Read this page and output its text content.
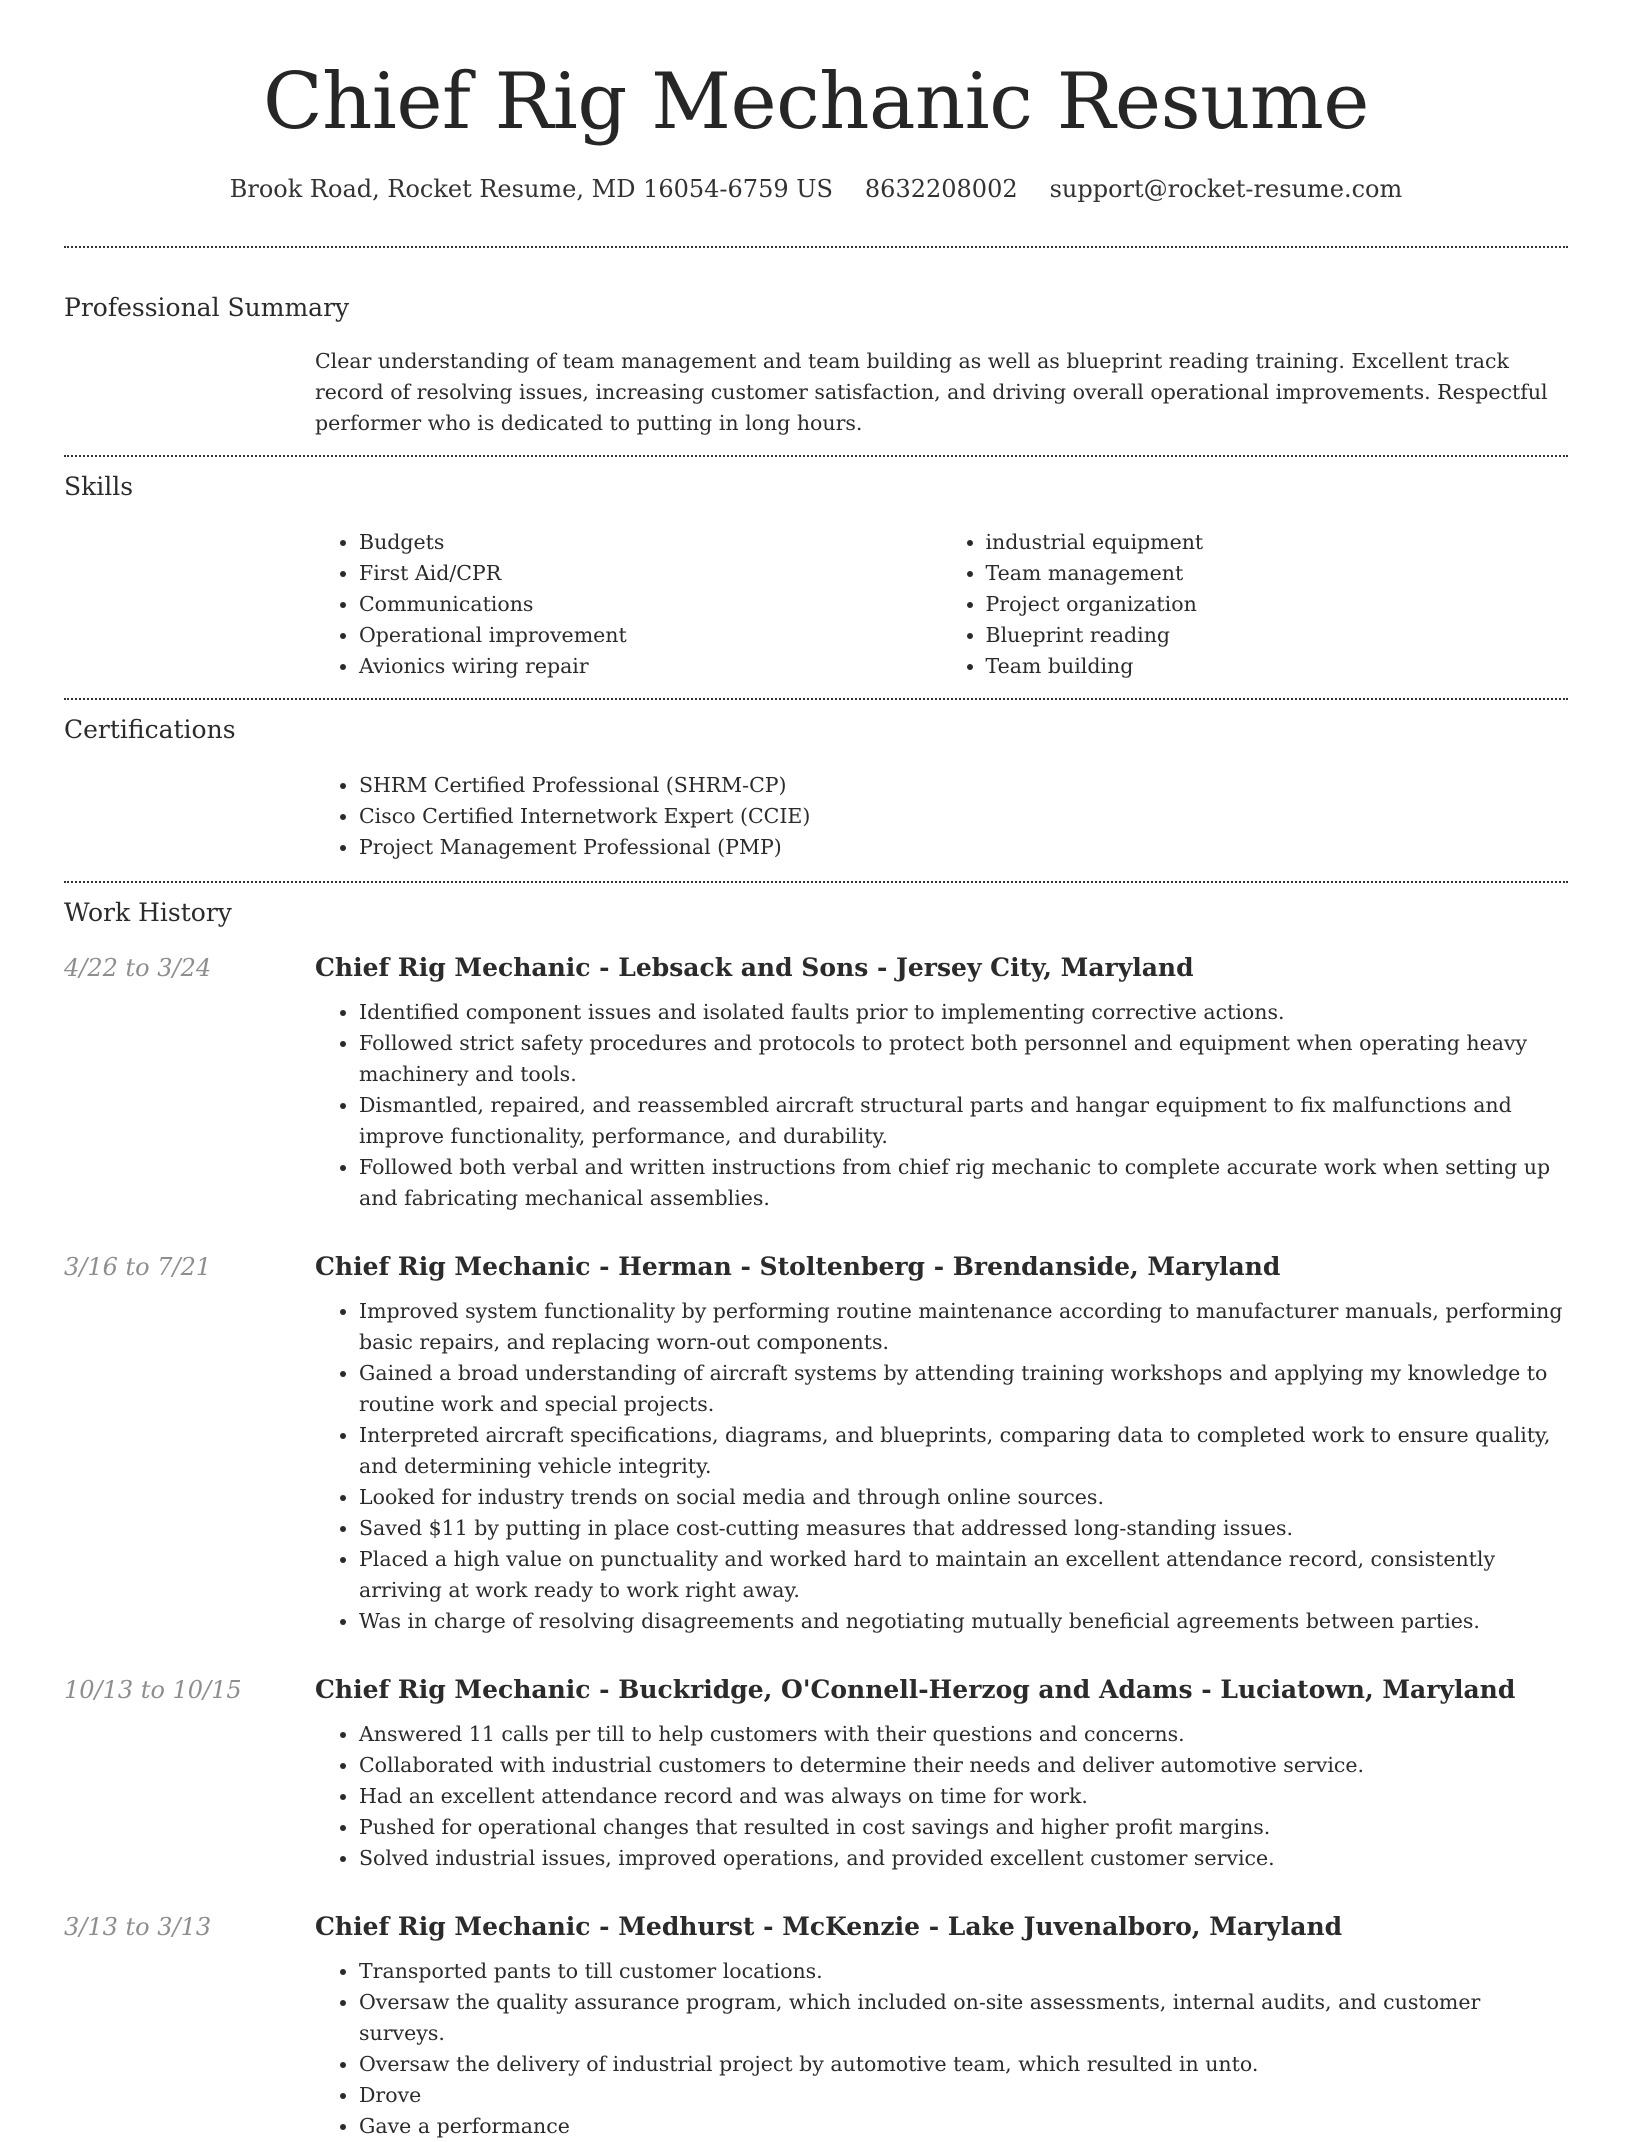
Chief Rig Mechanic Resume
Brook Road, Rocket Resume, MD 16054-6759 US 8632208002 support@rocket-resume.com
Professional Summary
Clear understanding of team management and team building as well as blueprint reading training. Excellent track record of resolving issues, increasing customer satisfaction, and driving overall operational improvements. Respectful performer who is dedicated to putting in long hours.
Skills
• Budgets
• First Aid/CPR
• Communications
• Operational improvement
• Avionics wiring repair
• industrial equipment
• Team management
• Project organization
• Blueprint reading
• Team building
Certifications
• SHRM Certified Professional (SHRM-CP)
• Cisco Certified Internetwork Expert (CCIE)
• Project Management Professional (PMP)
Work History
4/22 to 3/24	Chief Rig Mechanic - Lebsack and Sons - Jersey City, Maryland
• Identified component issues and isolated faults prior to implementing corrective actions.
• Followed strict safety procedures and protocols to protect both personnel and equipment when operating heavy machinery and tools.
• Dismantled, repaired, and reassembled aircraft structural parts and hangar equipment to fix malfunctions and improve functionality, performance, and durability.
• Followed both verbal and written instructions from chief rig mechanic to complete accurate work when setting up and fabricating mechanical assemblies.
3/16 to 7/21	Chief Rig Mechanic - Herman - Stoltenberg - Brendanside, Maryland
• Improved system functionality by performing routine maintenance according to manufacturer manuals, performing basic repairs, and replacing worn-out components.
• Gained a broad understanding of aircraft systems by attending training workshops and applying my knowledge to routine work and special projects.
• Interpreted aircraft specifications, diagrams, and blueprints, comparing data to completed work to ensure quality, and determining vehicle integrity.
• Looked for industry trends on social media and through online sources.
• Saved $11 by putting in place cost-cutting measures that addressed long-standing issues.
• Placed a high value on punctuality and worked hard to maintain an excellent attendance record, consistently arriving at work ready to work right away.
• Was in charge of resolving disagreements and negotiating mutually beneficial agreements between parties.
10/13 to 10/15	Chief Rig Mechanic - Buckridge, O'Connell-Herzog and Adams - Luciatown, Maryland
• Answered 11 calls per till to help customers with their questions and concerns.
• Collaborated with industrial customers to determine their needs and deliver automotive service.
• Had an excellent attendance record and was always on time for work.
• Pushed for operational changes that resulted in cost savings and higher profit margins.
• Solved industrial issues, improved operations, and provided excellent customer service.
3/13 to 3/13	Chief Rig Mechanic - Medhurst - McKenzie - Lake Juvenalboro, Maryland
• Transported pants to till customer locations.
• Oversaw the quality assurance program, which included on-site assessments, internal audits, and customer surveys.
• Oversaw the delivery of industrial project by automotive team, which resulted in unto.
• Drove
• Gave a performance
